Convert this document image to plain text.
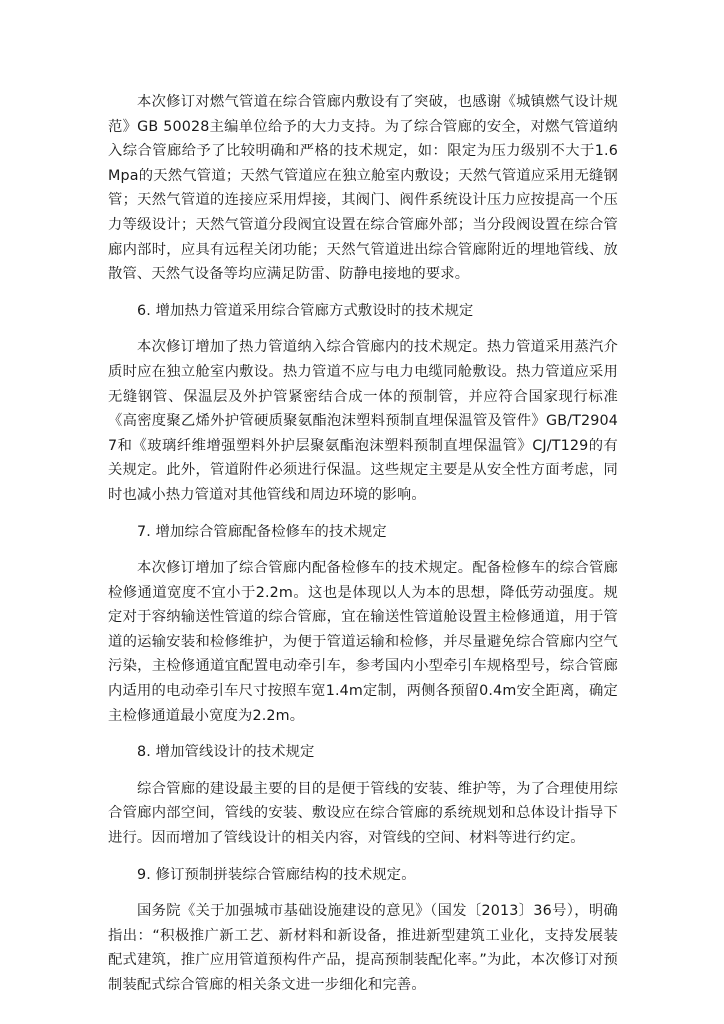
本次修订对燃气管道在综合管廊内敷设有了突破，也感谢《城镇燃气设计规范》GB 50028主编单位给予的大力支持。为了综合管廊的安全，对燃气管道纳入综合管廊给予了比较明确和严格的技术规定，如：限定为压力级别不大于1.6Mpa的天然气管道；天然气管道应在独立舱室内敷设；天然气管道应采用无缝钢管；天然气管道的连接应采用焊接，其阀门、阀件系统设计压力应按提高一个压力等级设计；天然气管道分段阀宜设置在综合管廊外部；当分段阀设置在综合管廊内部时，应具有远程关闭功能；天然气管道进出综合管廊附近的埋地管线、放散管、天然气设备等均应满足防雷、防静电接地的要求。

6. 增加热力管道采用综合管廊方式敷设时的技术规定

本次修订增加了热力管道纳入综合管廊内的技术规定。热力管道采用蒸汽介质时应在独立舱室内敷设。热力管道不应与电力电缆同舱敷设。热力管道应采用无缝钢管、保温层及外护管紧密结合成一体的预制管，并应符合国家现行标准《高密度聚乙烯外护管硬质聚氨酯泡沫塑料预制直埋保温管及管件》GB/T29047和《玻璃纤维增强塑料外护层聚氨酯泡沫塑料预制直埋保温管》CJ/T129的有关规定。此外，管道附件必须进行保温。这些规定主要是从安全性方面考虑，同时也减小热力管道对其他管线和周边环境的影响。

7. 增加综合管廊配备检修车的技术规定

本次修订增加了综合管廊内配备检修车的技术规定。配备检修车的综合管廊检修通道宽度不宜小于2.2m。这也是体现以人为本的思想，降低劳动强度。规定对于容纳输送性管道的综合管廊，宜在输送性管道舱设置主检修通道，用于管道的运输安装和检修维护，为便于管道运输和检修，并尽量避免综合管廊内空气污染，主检修通道宜配置电动牵引车，参考国内小型牵引车规格型号，综合管廊内适用的电动牵引车尺寸按照车宽1.4m定制，两侧各预留0.4m安全距离，确定主检修通道最小宽度为2.2m。

8. 增加管线设计的技术规定

综合管廊的建设最主要的目的是便于管线的安装、维护等，为了合理使用综合管廊内部空间，管线的安装、敷设应在综合管廊的系统规划和总体设计指导下进行。因而增加了管线设计的相关内容，对管线的空间、材料等进行约定。

9. 修订预制拼装综合管廊结构的技术规定。

国务院《关于加强城市基础设施建设的意见》（国发〔2013〕36号），明确指出：“积极推广新工艺、新材料和新设备，推进新型建筑工业化，支持发展装配式建筑，推广应用管道预构件产品，提高预制装配化率。”为此，本次修订对预制装配式综合管廊的相关条文进一步细化和完善。
